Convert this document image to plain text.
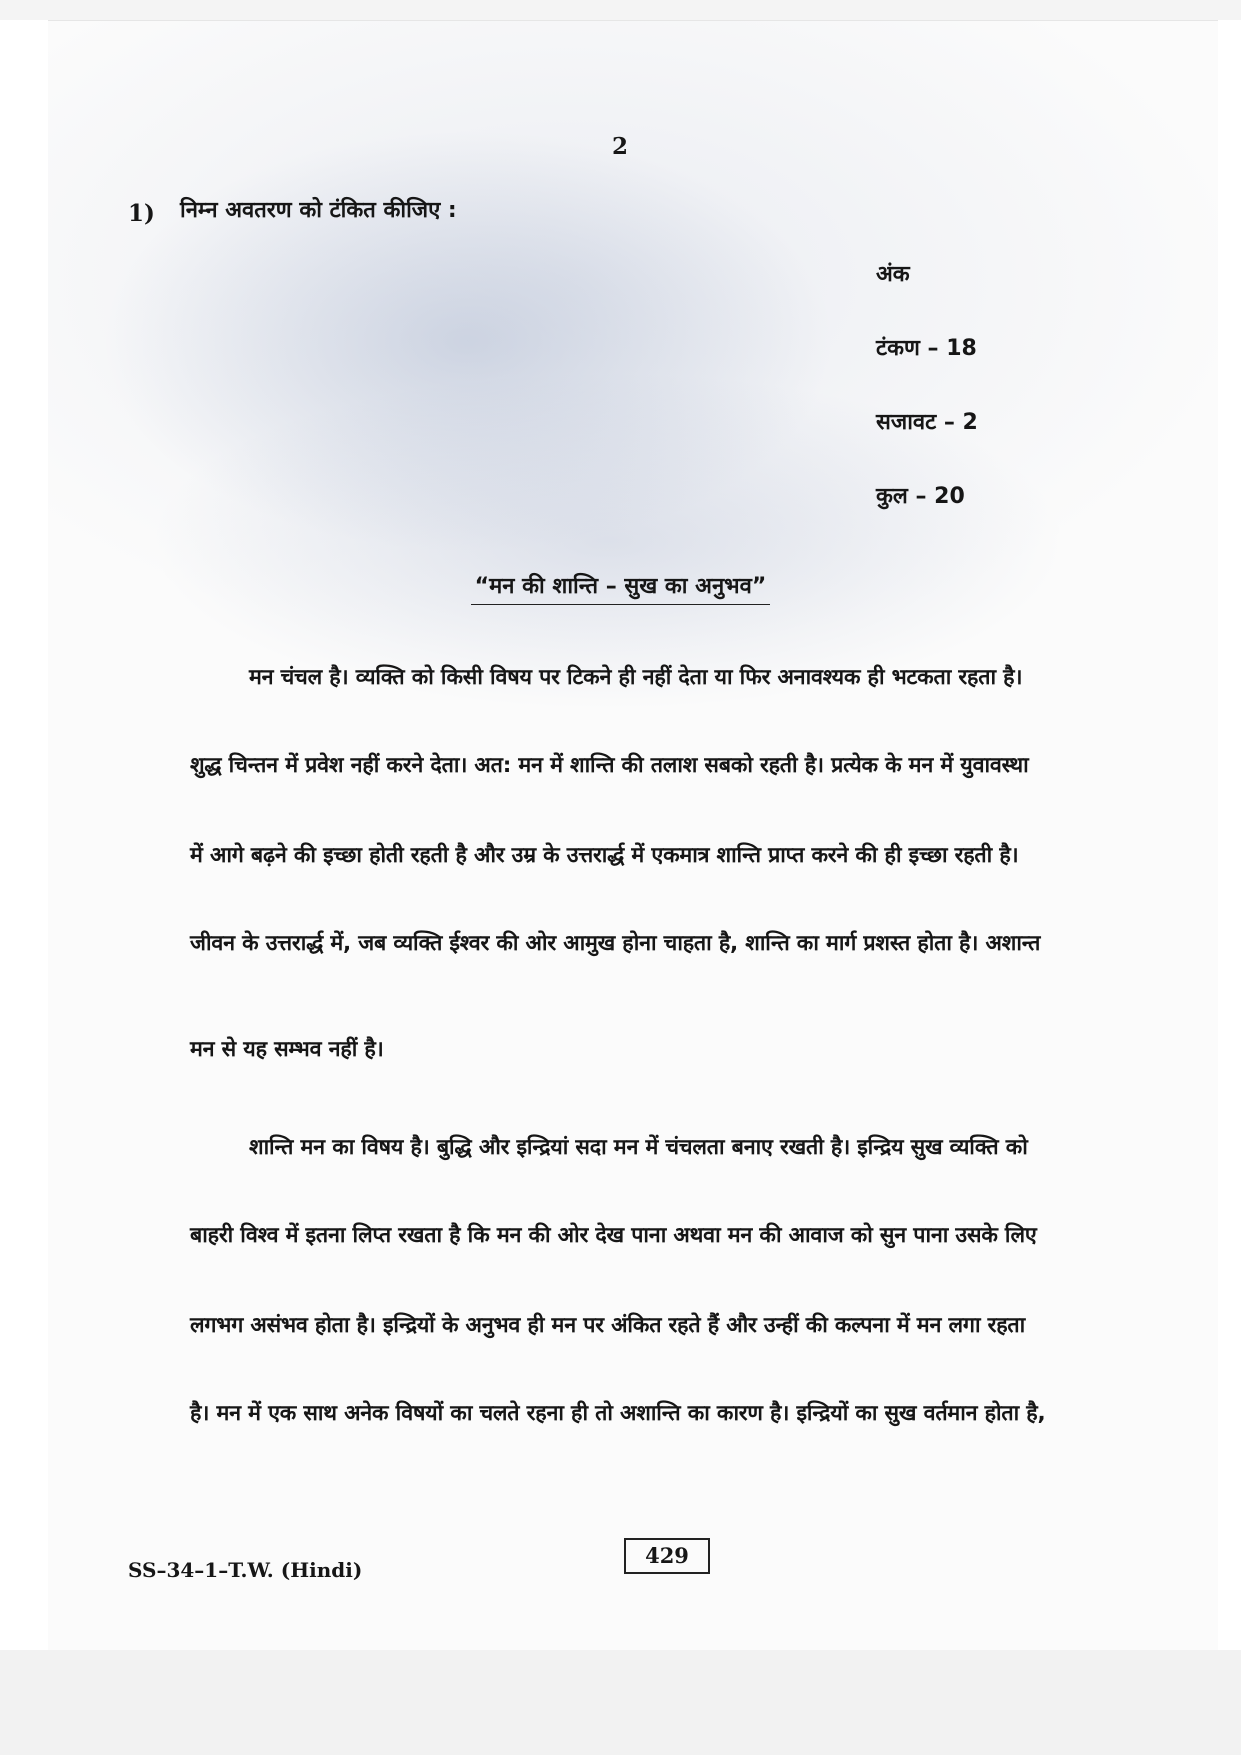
2
1) निम्न अवतरण को टंकित कीजिए :
अंक
टंकण – 18
सजावट – 2
कुल – 20
“मन की शान्ति – सुख का अनुभव”
मन चंचल है। व्यक्ति को किसी विषय पर टिकने ही नहीं देता या फिर अनावश्यक ही भटकता रहता है।
शुद्ध चिन्तन में प्रवेश नहीं करने देता। अत: मन में शान्ति की तलाश सबको रहती है। प्रत्येक के मन में युवावस्था
में आगे बढ़ने की इच्छा होती रहती है और उम्र के उत्तरार्द्ध में एकमात्र शान्ति प्राप्त करने की ही इच्छा रहती है।
जीवन के उत्तरार्द्ध में, जब व्यक्ति ईश्वर की ओर आमुख होना चाहता है, शान्ति का मार्ग प्रशस्त होता है। अशान्त
मन से यह सम्भव नहीं है।
शान्ति मन का विषय है। बुद्धि और इन्द्रियां सदा मन में चंचलता बनाए रखती है। इन्द्रिय सुख व्यक्ति को
बाहरी विश्व में इतना लिप्त रखता है कि मन की ओर देख पाना अथवा मन की आवाज को सुन पाना उसके लिए
लगभग असंभव होता है। इन्द्रियों के अनुभव ही मन पर अंकित रहते हैं और उन्हीं की कल्पना में मन लगा रहता
है। मन में एक साथ अनेक विषयों का चलते रहना ही तो अशान्ति का कारण है। इन्द्रियों का सुख वर्तमान होता है,
SS–34–1–T.W. (Hindi)
429
